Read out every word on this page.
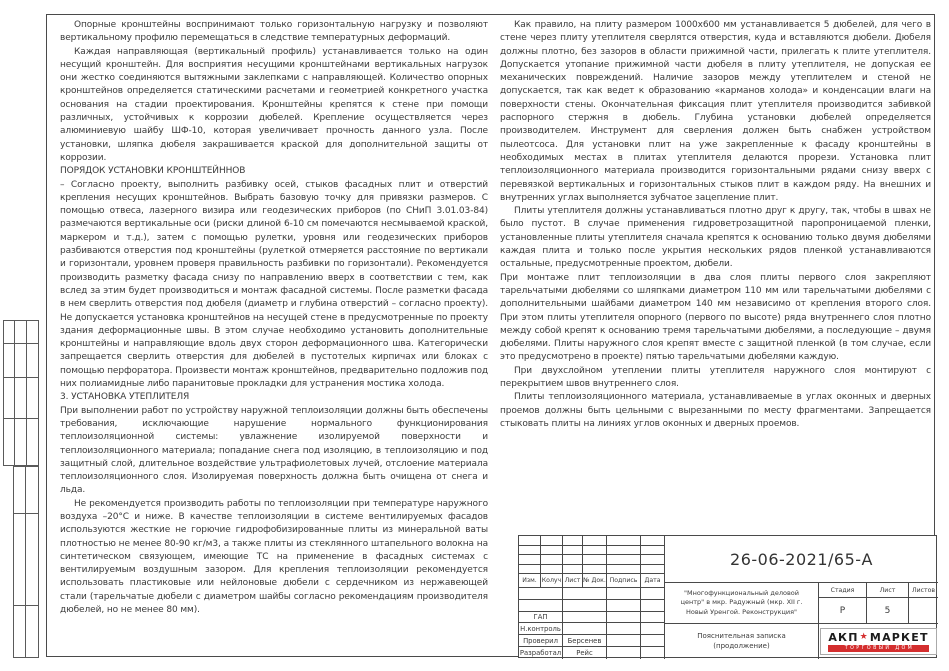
Опорные кронштейны воспринимают только горизонтальную нагрузку и позволяют вертикальному профилю перемещаться в следствие температурных деформаций.

Каждая направляющая (вертикальный профиль) устанавливается только на один несущий кронштейн. Для восприятия несущими кронштейнами вертикальных нагрузок они жестко соединяются вытяжными заклепками с направляющей. Количество опорных кронштейнов определяется статическими расчетами и геометрией конкретного участка основания на стадии проектирования. Кронштейны крепятся к стене при помощи различных, устойчивых к коррозии дюбелей. Крепление осуществляется через алюминиевую шайбу ШФ-10, которая увеличивает прочность данного узла. После установки, шляпка дюбеля закрашивается краской для дополнительной защиты от коррозии.

ПОРЯДОК УСТАНОВКИ КРОНШТЕЙННОВ

– Согласно проекту, выполнить разбивку осей, стыков фасадных плит и отверстий крепления несущих кронштейнов. Выбрать базовую точку для привязки размеров. С помощью отвеса, лазерного визира или геодезических приборов (по СНиП 3.01.03-84) размечаются вертикальные оси (риски длиной 6-10 см помечаются несмываемой краской, маркером и т.д.), затем с помощью рулетки, уровня или геодезических приборов разбиваются отверстия под кронштейны (рулеткой отмеряется расстояние по вертикали и горизонтали, уровнем проверя правильность разбивки по горизонтали). Рекомендуется производить разметку фасада снизу по направлению вверх в соответствии с тем, как вслед за этим будет производиться и монтаж фасадной системы. После разметки фасада в нем сверлить отверстия под дюбеля (диаметр и глубина отверстий – согласно проекту). Не допускается установка кронштейнов на несущей стене в предусмотренные по проекту здания деформационные швы. В этом случае необходимо установить дополнительные кронштейны и направляющие вдоль двух сторон деформационного шва. Категорически запрещается сверлить отверстия для дюбелей в пустотелых кирпичах или блоках с помощью перфоратора. Произвести монтаж кронштейнов, предварительно подложив под них полиамидные либо паранитовые прокладки для устранения мостика холода.

3. УСТАНОВКА УТЕПЛИТЕЛЯ

При выполнении работ по устройству наружной теплоизоляции должны быть обеспечены требования, исключающие нарушение нормального функционирования теплоизоляционной системы: увлажнение изолируемой поверхности и теплоизоляционного материала; попадание снега под изоляцию, в теплоизоляцию и под защитный слой, длительное воздействие ультрафиолетовых лучей, отслоение материала теплоизоляционного слоя. Изолируемая поверхность должна быть очищена от снега и льда.

Не рекомендуется производить работы по теплоизоляции при температуре наружного воздуха –20°С и ниже. В качестве теплоизоляции в системе вентилируемых фасадов используются жесткие не горючие гидрофобизированные плиты из минеральной ваты плотностью не менее 80-90 кг/м3, а также плиты из стеклянного штапельного волокна на синтетическом связующем, имеющие ТС на применение в фасадных системах с вентилируемым воздушным зазором. Для крепления теплоизоляции рекомендуется использовать пластиковые или нейлоновые дюбели с сердечником из нержавеющей стали (тарельчатые дюбели с диаметром шайбы согласно рекомендациям производителя дюбелей, но не менее 80 мм).

Как правило, на плиту размером 1000х600 мм устанавливается 5 дюбелей, для чего в стене через плиту утеплителя сверлятся отверстия, куда и вставляются дюбели. Дюбеля должны плотно, без зазоров в области прижимной части, прилегать к плите утеплителя. Допускается утопание прижимной части дюбеля в плиту утеплителя, не допуская ее механических повреждений. Наличие зазоров между утеплителем и стеной не допускается, так как ведет к образованию «карманов холода» и конденсации влаги на поверхности стены. Окончательная фиксация плит утеплителя производится забивкой распорного стержня в дюбель. Глубина установки дюбелей определяется производителем. Инструмент для сверления должен быть снабжен устройством пылеотсоса. Для установки плит на уже закрепленные к фасаду кронштейны в необходимых местах в плитах утеплителя делаются прорези. Установка плит теплоизоляционного материала производится горизонтальными рядами снизу вверх с перевязкой вертикальных и горизонтальных стыков плит в каждом ряду. На внешних и внутренних углах выполняется зубчатое зацепление плит.

Плиты утеплителя должны устанавливаться плотно друг к другу, так, чтобы в швах не было пустот. В случае применения гидроветрозащитной паропроницаемой пленки, установленные плиты утеплителя сначала крепятся к основанию только двумя дюбелями каждая плита и только после укрытия нескольких рядов пленкой устанавливаются остальные, предусмотренные проектом, дюбели.

При монтаже плит теплоизоляции в два слоя плиты первого слоя закрепляют тарельчатыми дюбелями со шляпками диаметром 110 мм или тарельчатыми дюбелями с дополнительными шайбами диаметром 140 мм независимо от крепления второго слоя. При этом плиты утеплителя опорного (первого по высоте) ряда внутреннего слоя плотно между собой крепят к основанию тремя тарельчатыми дюбелями, а последующие – двумя дюбелями. Плиты наружного слоя крепят вместе с защитной пленкой (в том случае, если это предусмотрено в проекте) пятью тарельчатыми дюбелями каждую.

При двухслойном утеплении плиты утеплителя наружного слоя монтируют с перекрытием швов внутреннего слоя.

Плиты теплоизоляционного материала, устанавливаемые в углах оконных и дверных проемов должны быть цельными с вырезанными по месту фрагментами. Запрещается стыковать плиты на линиях углов оконных и дверных проемов.

Изм. Колуч Лист № Док. Подпись	Дата
ГАП
Н.контроль
Проверил	Берсенев
Разработал	Рейс
26-06-2021/65-А
"Многофункциональный деловой центр" в мкр. Радужный (мкр. XII г. Новый Уренгой. Реконструкция"
Пояснительная записка
(продолжение)
Стадия	Лист	Листов
Р	5
АКП ★ МАРКЕТ
ТОРГОВЫЙ ДОМ
